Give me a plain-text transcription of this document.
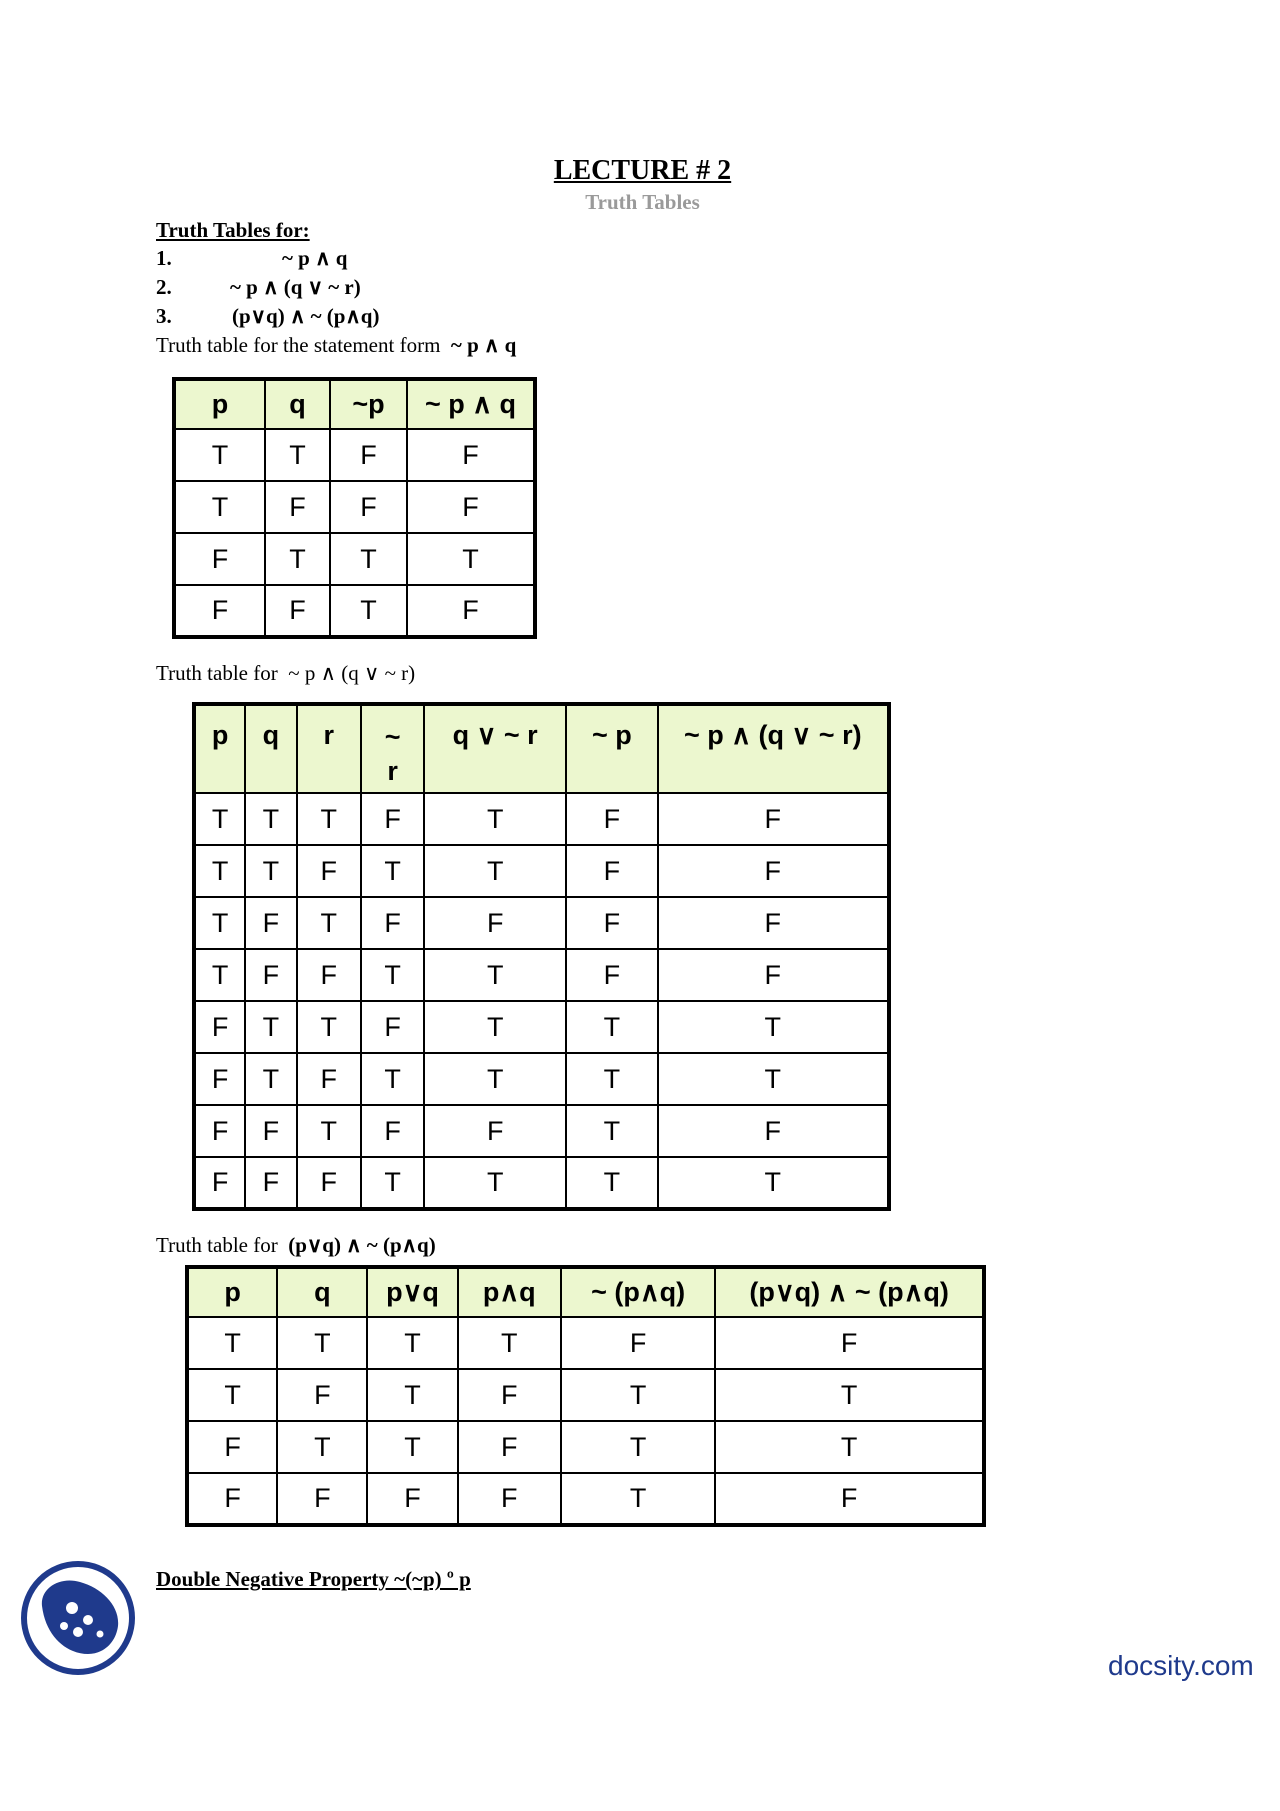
LECTURE # 2
Truth Tables
Truth Tables for:
1.	~ p ∧ q
2.	~ p ∧ (q ∨ ~ r)
3.	(p∨q) ∧ ~ (p∧q)
Truth table for the statement form ~ p ∧ q
p	q	~p	~ p ∧ q
T	T	F	F
T	F	F	F
F	T	T	T
F	F	T	F
Truth table for ~ p ∧ (q ∨ ~ r)
p	q	r	~ r	q ∨ ~ r	~ p	~ p ∧ (q ∨ ~ r)
T	T	T	F	T	F	F
T	T	F	T	T	F	F
T	F	T	F	F	F	F
T	F	F	T	T	F	F
F	T	T	F	T	T	T
F	T	F	T	T	T	T
F	F	T	F	F	T	F
F	F	F	T	T	T	T
Truth table for (p∨q) ∧ ~ (p∧q)
p	q	p∨q	p∧q	~ (p∧q)	(p∨q) ∧ ~ (p∧q)
T	T	T	T	F	F
T	F	T	F	T	T
F	T	T	F	T	T
F	F	F	F	T	F
Double Negative Property ~(~p) º p
docsity.com
